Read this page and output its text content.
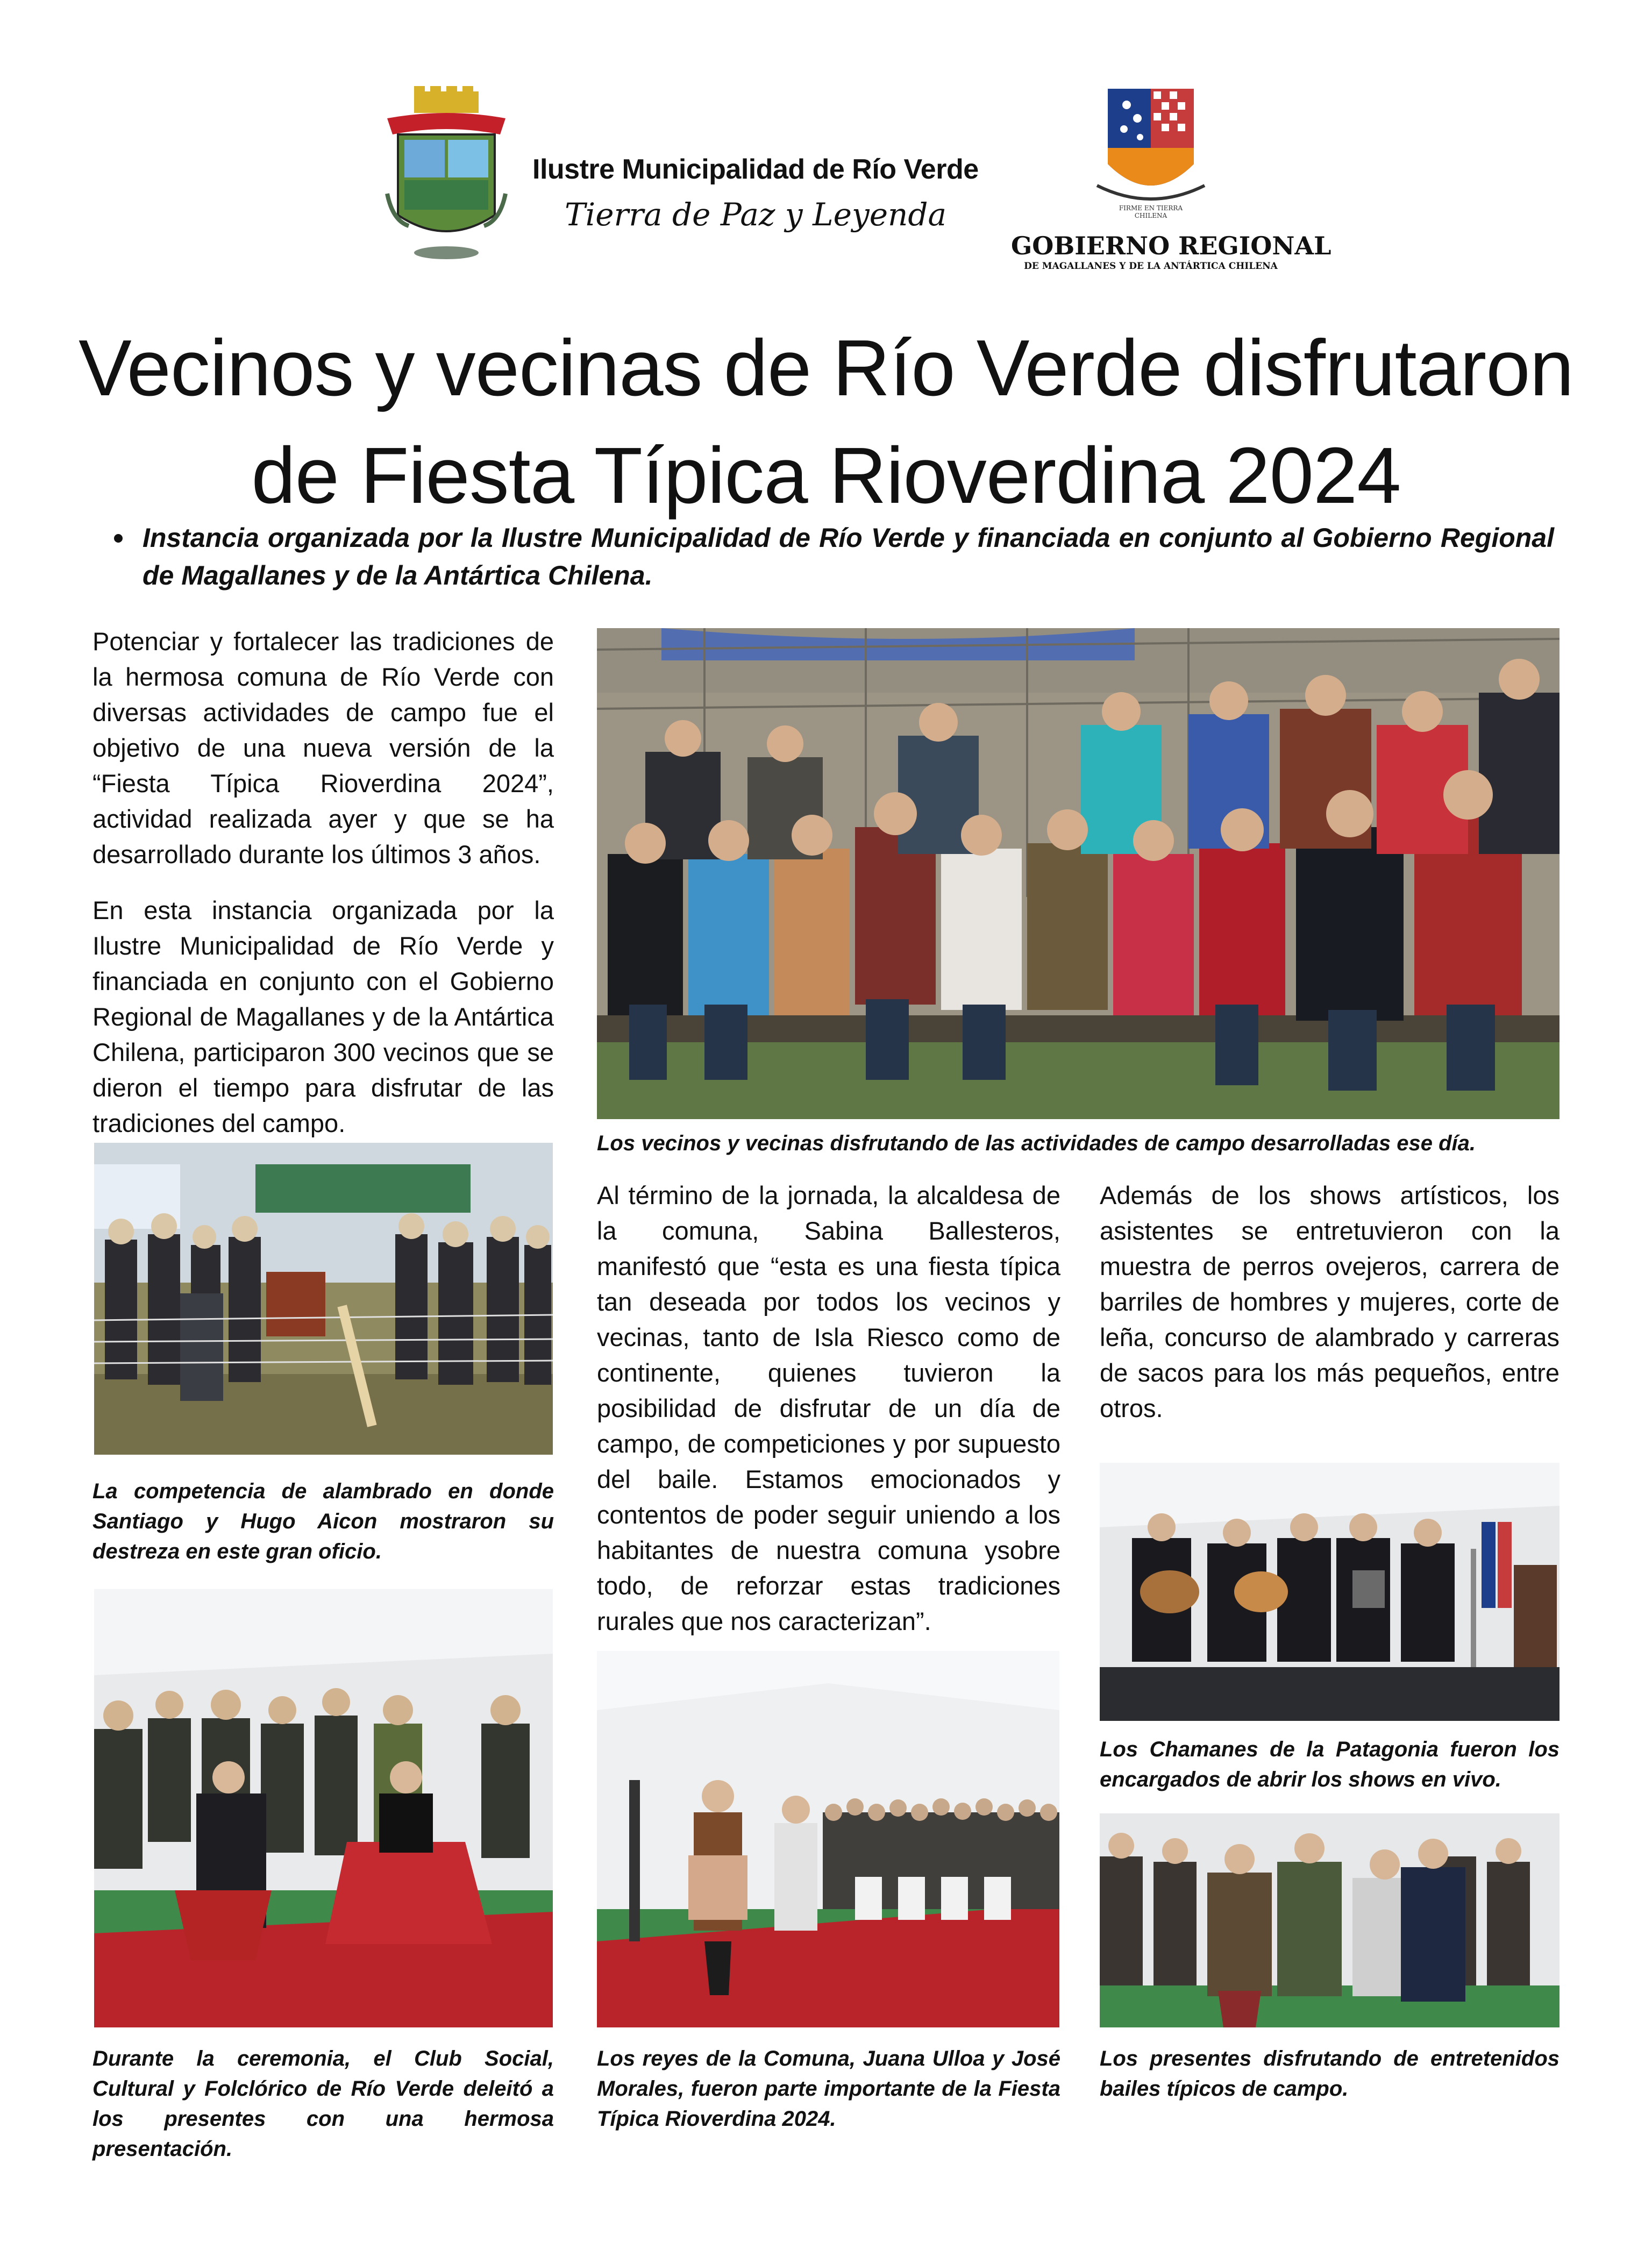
Ilustre Municipalidad de Río Verde
Tierra de Paz y Leyenda	FIRME EN TIERRA CHILENA
GOBIERNO REGIONAL
DE MAGALLANES Y DE LA ANTÁRTICA CHILENA
Vecinos y vecinas de Río Verde disfrutaron
de Fiesta Típica Rioverdina 2024

Instancia organizada por la Ilustre Municipalidad de Río Verde y financiada en conjunto al Gobierno Regional de Magallanes y de la Antártica Chilena.

Potenciar y fortalecer las tradiciones de la hermosa comuna de Río Verde con diversas actividades de campo fue el objetivo de una nueva versión de la “Fiesta Típica Rioverdina 2024”, actividad realizada ayer y que se ha desarrollado durante los últimos 3 años.

En esta instancia organizada por la Ilustre Municipalidad de Río Verde y financiada en conjunto con el Gobierno Regional de Magallanes y de la Antártica Chilena, participaron 300 vecinos que se dieron el tiempo para disfrutar de las tradiciones del campo.

La competencia de alambrado en donde Santiago y Hugo Aicon mostraron su destreza en este gran oficio.

Durante la ceremonia, el Club Social, Cultural y Folclórico de Río Verde deleitó a los presentes con una hermosa presentación.

Los vecinos y vecinas disfrutando de las actividades de campo desarrolladas ese día.

Al término de la jornada, la alcaldesa de la comuna, Sabina Ballesteros, manifestó que “esta es una fiesta típica tan deseada por todos los vecinos y vecinas, tanto de Isla Riesco como de continente, quienes tuvieron la posibilidad de disfrutar de un día de campo, de competiciones y por supuesto del baile. Estamos emocionados y contentos de poder seguir uniendo a los habitantes de nuestra comuna ysobre todo, de reforzar estas tradiciones rurales que nos caracterizan”.

Los reyes de la Comuna, Juana Ulloa y José Morales, fueron parte importante de la Fiesta Típica Rioverdina 2024.

Además de los shows artísticos, los asistentes se entretuvieron con la muestra de perros ovejeros, carrera de barriles de hombres y mujeres, corte de leña, concurso de alambrado y carreras de sacos para los más pequeños, entre otros.

Los Chamanes de la Patagonia fueron los encargados de abrir los shows en vivo.

Los presentes disfrutando de entretenidos bailes típicos de campo.
